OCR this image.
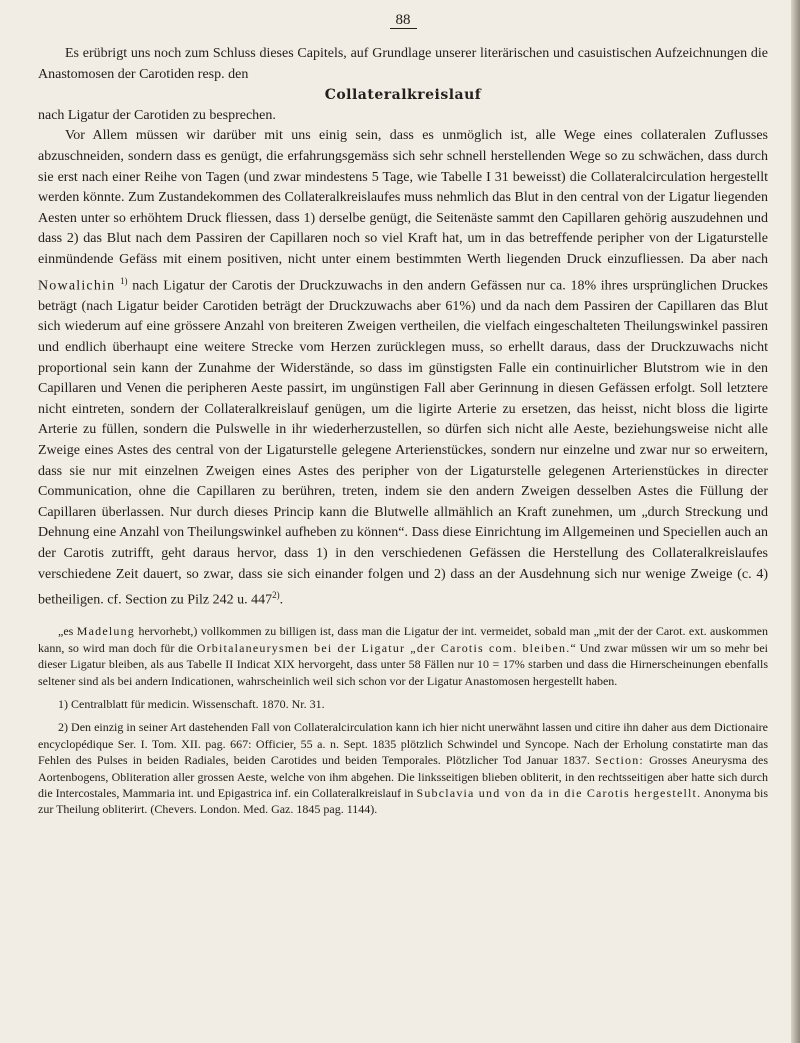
88

Es erübrigt uns noch zum Schluss dieses Capitels, auf Grundlage unserer literärischen und casuistischen Aufzeichnungen die Anastomosen der Carotiden resp. den

Collateralkreislauf

nach Ligatur der Carotiden zu besprechen.

Vor Allem müssen wir darüber mit uns einig sein, dass es unmöglich ist, alle Wege eines collateralen Zuflusses abzuschneiden, sondern dass es genügt, die erfahrungsgemäss sich sehr schnell herstellenden Wege so zu schwächen, dass durch sie erst nach einer Reihe von Tagen (und zwar mindestens 5 Tage, wie Tabelle I 31 beweisst) die Collateralcirculation hergestellt werden könnte. Zum Zustandekommen des Collateralkreislaufes muss nehmlich das Blut in den central von der Ligatur liegenden Aesten unter so erhöhtem Druck fliessen, dass 1) derselbe genügt, die Seitenäste sammt den Capillaren gehörig auszudehnen und dass 2) das Blut nach dem Passiren der Capillaren noch so viel Kraft hat, um in das betreffende peripher von der Ligaturstelle einmündende Gefäss mit einem positiven, nicht unter einem bestimmten Werth liegenden Druck einzufliessen. Da aber nach Nowalichin $^{1)}$ nach Ligatur der Carotis der Druckzuwachs in den andern Gefässen nur ca. 18% ihres ursprünglichen Druckes beträgt (nach Ligatur beider Carotiden beträgt der Druckzuwachs aber 61%) und da nach dem Passiren der Capillaren das Blut sich wiederum auf eine grössere Anzahl von breiteren Zweigen vertheilen, die vielfach eingeschalteten Theilungswinkel passiren und endlich überhaupt eine weitere Strecke vom Herzen zurücklegen muss, so erhellt daraus, dass der Druckzuwachs nicht proportional sein kann der Zunahme der Widerstände, so dass im günstigsten Falle ein continuirlicher Blutstrom wie in den Capillaren und Venen die peripheren Aeste passirt, im ungünstigen Fall aber Gerinnung in diesen Gefässen erfolgt. Soll letztere nicht eintreten, sondern der Collateralkreislauf genügen, um die ligirte Arterie zu ersetzen, das heisst, nicht bloss die ligirte Arterie zu füllen, sondern die Pulswelle in ihr wiederherzustellen, so dürfen sich nicht alle Aeste, beziehungsweise nicht alle Zweige eines Astes des central von der Ligaturstelle gelegene Arterienstückes, sondern nur einzelne und zwar nur so erweitern, dass sie nur mit einzelnen Zweigen eines Astes des peripher von der Ligaturstelle gelegenen Arterienstückes in directer Communication, ohne die Capillaren zu berühren, treten, indem sie den andern Zweigen desselben Astes die Füllung der Capillaren überlassen. Nur durch dieses Princip kann die Blutwelle allmählich an Kraft zunehmen, um „durch Streckung und Dehnung eine Anzahl von Theilungswinkel aufheben zu können“. Dass diese Einrichtung im Allgemeinen und Speciellen auch an der Carotis zutrifft, geht daraus hervor, dass 1) in den verschiedenen Gefässen die Herstellung des Collateralkreislaufes verschiedene Zeit dauert, so zwar, dass sie sich einander folgen und 2) dass an der Ausdehnung sich nur wenige Zweige (c. 4) betheiligen. cf. Section zu Pilz 242 u. 447$^{2)}$.

„es Madelung hervorhebt,) vollkommen zu billigen ist, dass man die Ligatur der int. vermeidet, sobald man „mit der der Carot. ext. auskommen kann, so wird man doch für die Orbitalaneurysmen bei der Ligatur „der Carotis com. bleiben.“ Und zwar müssen wir um so mehr bei dieser Ligatur bleiben, als aus Tabelle II Indicat XIX hervorgeht, dass unter 58 Fällen nur 10 = 17% starben und dass die Hirnerscheinungen ebenfalls seltener sind als bei andern Indicationen, wahrscheinlich weil sich schon vor der Ligatur Anastomosen hergestellt haben.

1) Centralblatt für medicin. Wissenschaft. 1870. Nr. 31.

2) Den einzig in seiner Art dastehenden Fall von Collateralcirculation kann ich hier nicht unerwähnt lassen und citire ihn daher aus dem Dictionaire encyclopédique Ser. I. Tom. XII. pag. 667: Officier, 55 a. n. Sept. 1835 plötzlich Schwindel und Syncope. Nach der Erholung constatirte man das Fehlen des Pulses in beiden Radiales, beiden Carotides und beiden Temporales. Plötzlicher Tod Januar 1837. Section: Grosses Aneurysma des Aortenbogens, Obliteration aller grossen Aeste, welche von ihm abgehen. Die linksseitigen blieben obliterit, in den rechtsseitigen aber hatte sich durch die Intercostales, Mammaria int. und Epigastrica inf. ein Collateralkreislauf in Subclavia und von da in die Carotis hergestellt. Anonyma bis zur Theilung obliterirt. (Chevers. London. Med. Gaz. 1845 pag. 1144).
